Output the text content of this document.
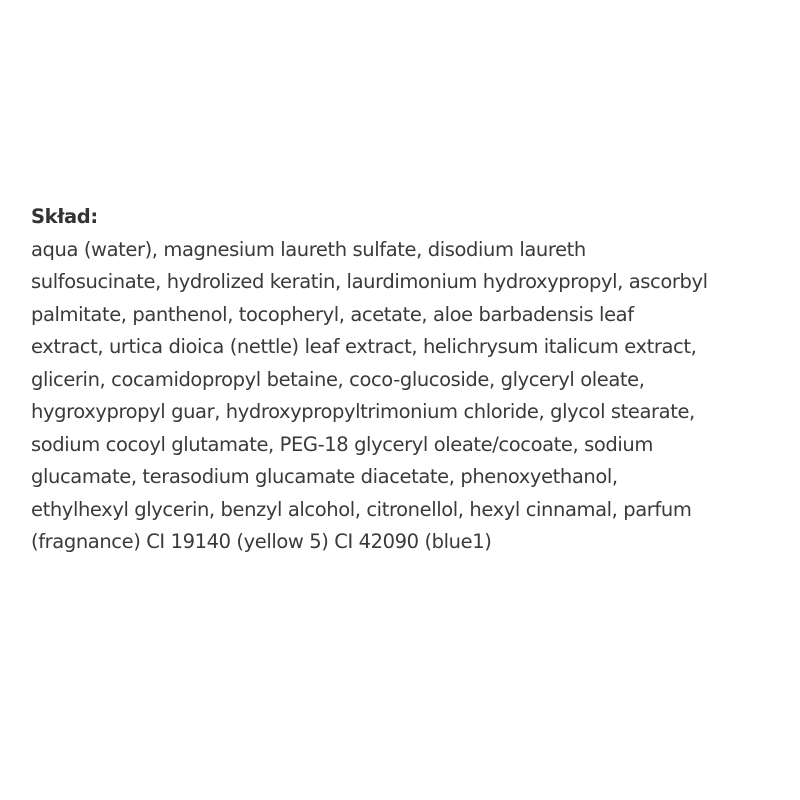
Skład:
aqua (water), magnesium laureth sulfate, disodium laureth
sulfosucinate, hydrolized keratin, laurdimonium hydroxypropyl, ascorbyl
palmitate, panthenol, tocopheryl, acetate, aloe barbadensis leaf
extract, urtica dioica (nettle) leaf extract, helichrysum italicum extract,
glicerin, cocamidopropyl betaine, coco-glucoside, glyceryl oleate,
hygroxypropyl guar, hydroxypropyltrimonium chloride, glycol stearate,
sodium cocoyl glutamate, PEG-18 glyceryl oleate/cocoate, sodium
glucamate, terasodium glucamate diacetate, phenoxyethanol,
ethylhexyl glycerin, benzyl alcohol, citronellol, hexyl cinnamal, parfum
(fragnance) CI 19140 (yellow 5) CI 42090 (blue1)
